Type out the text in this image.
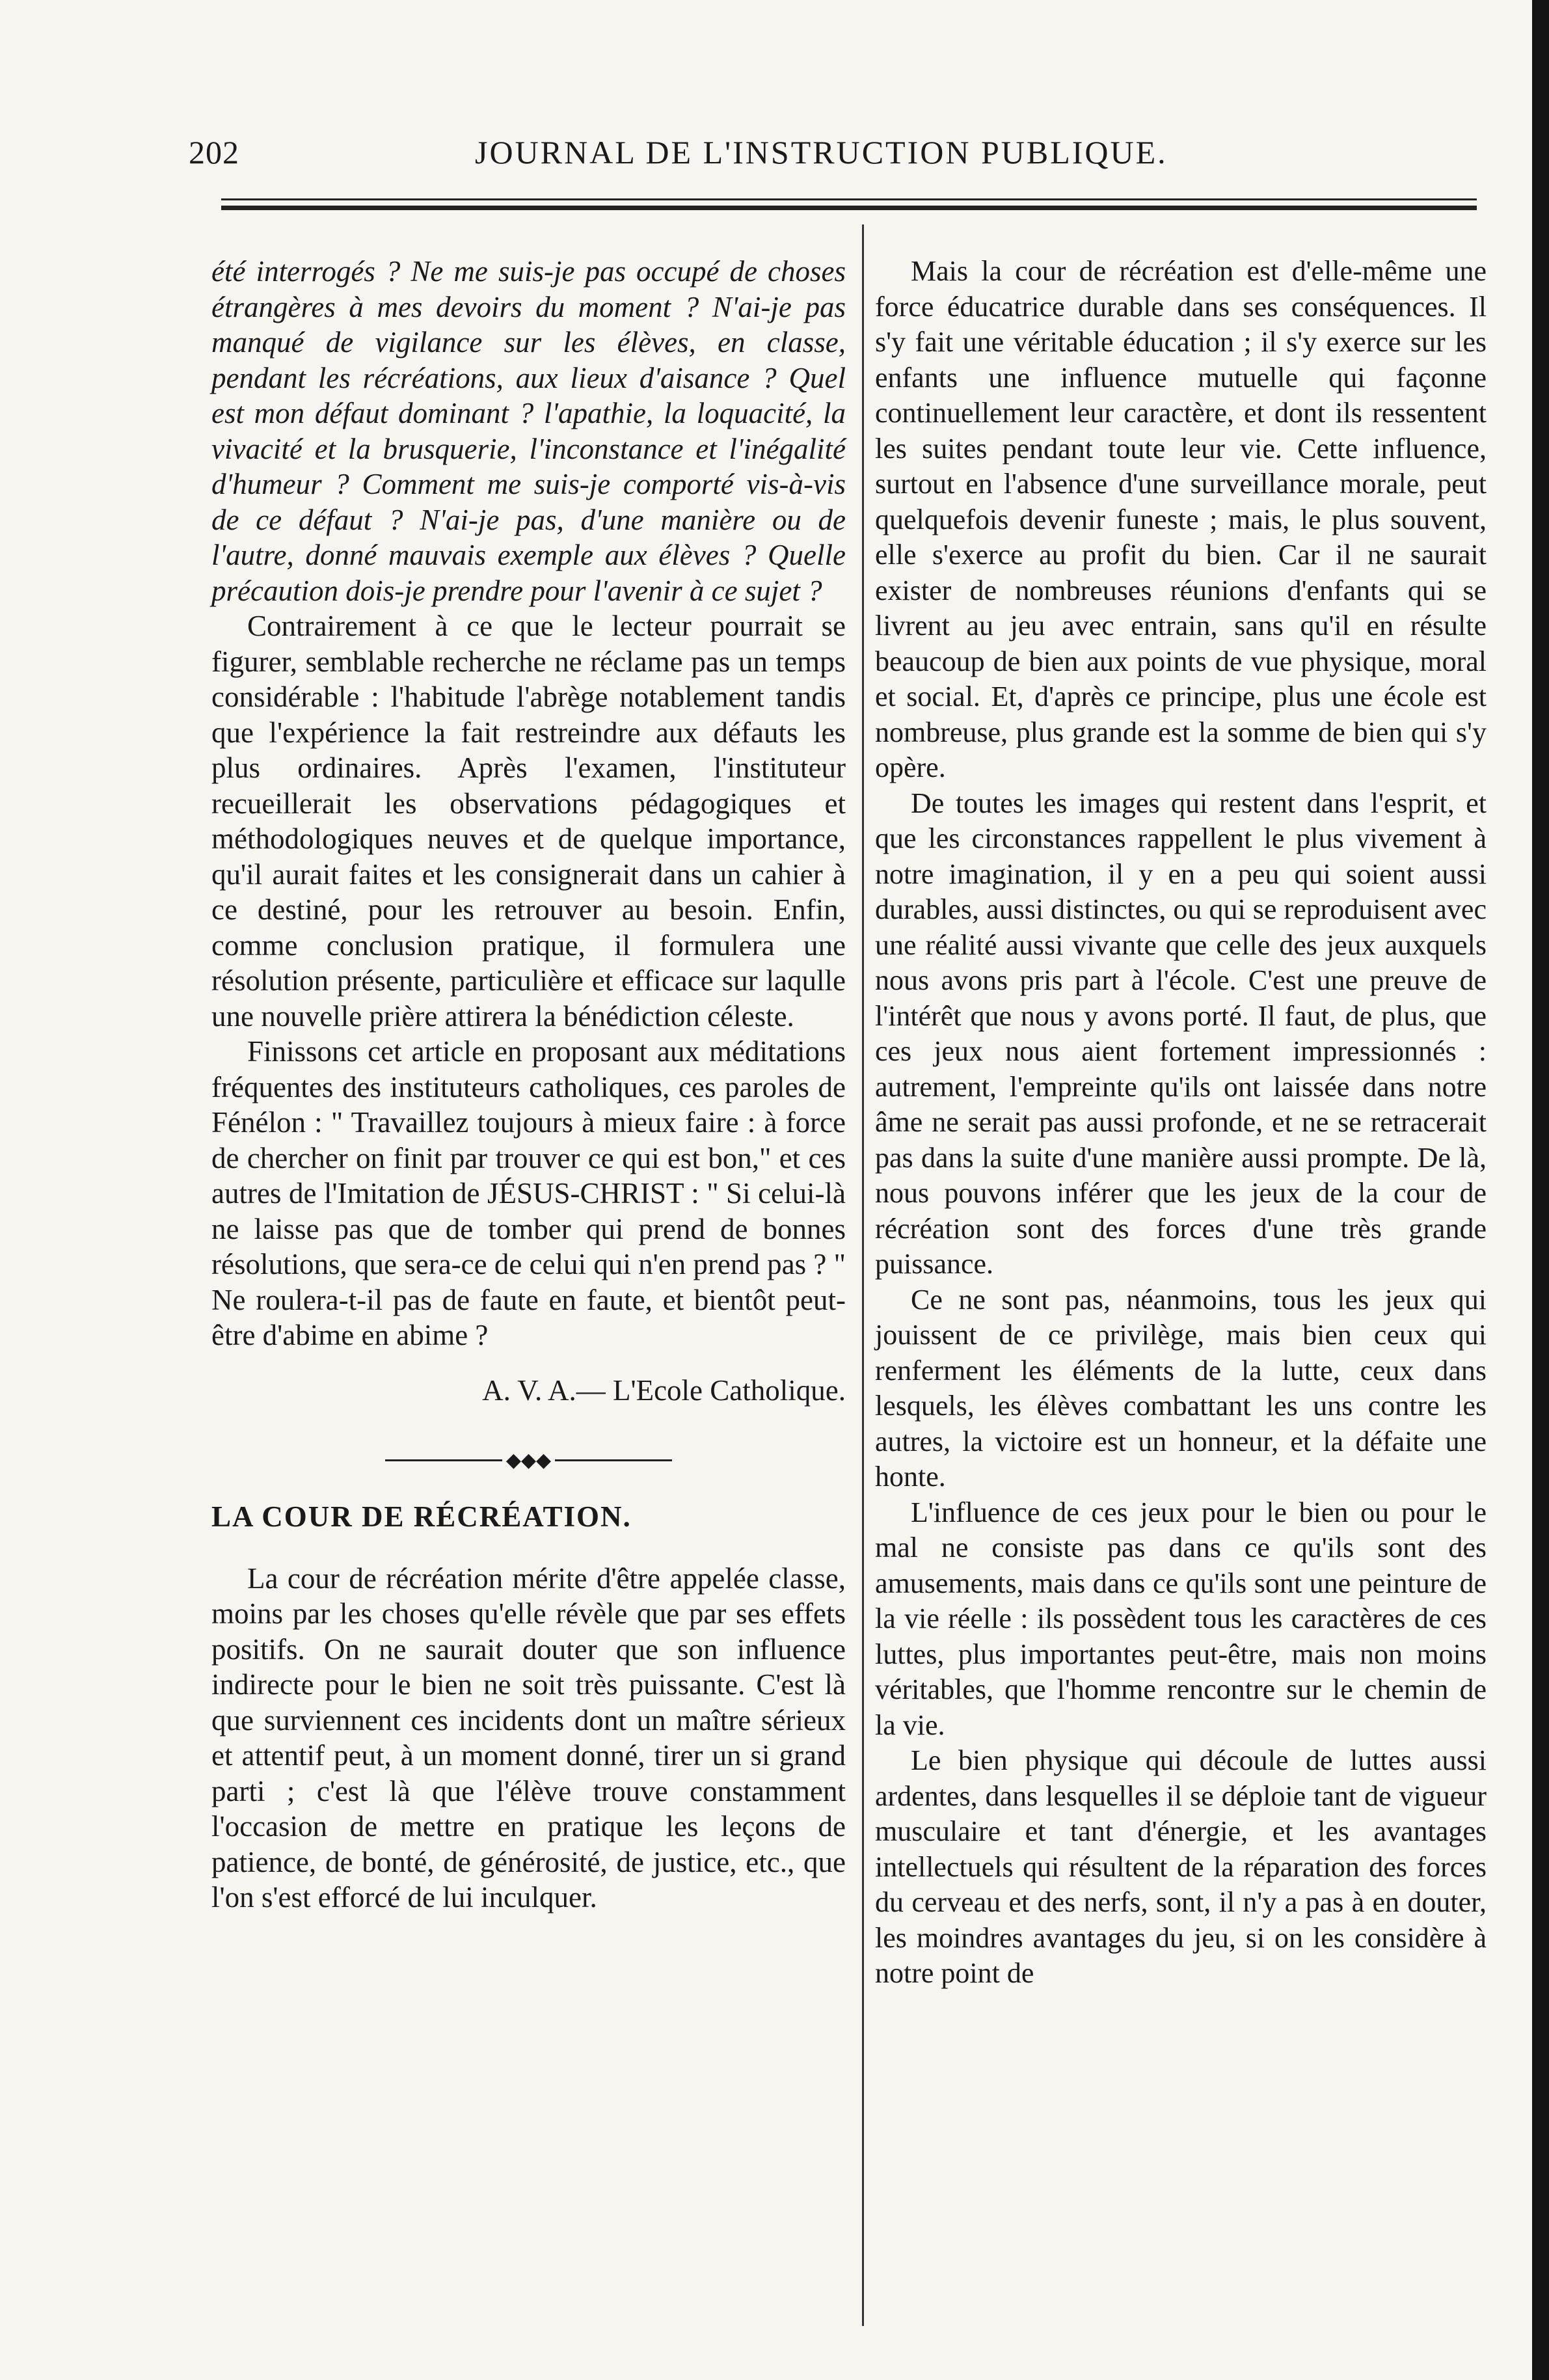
202	JOURNAL DE L'INSTRUCTION PUBLIQUE.

été interrogés ? Ne me suis-je pas occupé de choses étrangères à mes devoirs du moment ? N'ai-je pas manqué de vigilance sur les élèves, en classe, pendant les récréations, aux lieux d'aisance ? Quel est mon défaut dominant ? l'apathie, la loquacité, la vivacité et la brusquerie, l'inconstance et l'inégalité d'humeur ? Comment me suis-je comporté vis-à-vis de ce défaut ? N'ai-je pas, d'une manière ou de l'autre, donné mauvais exemple aux élèves ? Quelle précaution dois-je prendre pour l'avenir à ce sujet ?

Contrairement à ce que le lecteur pourrait se figurer, semblable recherche ne réclame pas un temps considérable : l'habitude l'abrège notablement tandis que l'expérience la fait restreindre aux défauts les plus ordinaires. Après l'examen, l'instituteur recueillerait les observations pédagogiques et méthodologiques neuves et de quelque importance, qu'il aurait faites et les consignerait dans un cahier à ce destiné, pour les retrouver au besoin. Enfin, comme conclusion pratique, il formulera une résolution présente, particulière et efficace sur laqulle une nouvelle prière attirera la bénédiction céleste.

Finissons cet article en proposant aux méditations fréquentes des instituteurs catholiques, ces paroles de Fénélon : " Travaillez toujours à mieux faire : à force de chercher on finit par trouver ce qui est bon," et ces autres de l'Imitation de JÉSUS-CHRIST : " Si celui-là ne laisse pas que de tomber qui prend de bonnes résolutions, que sera-ce de celui qui n'en prend pas ? " Ne roulera-t-il pas de faute en faute, et bientôt peut-être d'abime en abime ?

A. V. A.— L'Ecole Catholique.

◆◆◆

LA COUR DE RÉCRÉATION.

La cour de récréation mérite d'être appelée classe, moins par les choses qu'elle révèle que par ses effets positifs. On ne saurait douter que son influence indirecte pour le bien ne soit très puissante. C'est là que surviennent ces incidents dont un maître sérieux et attentif peut, à un moment donné, tirer un si grand parti ; c'est là que l'élève trouve constamment l'occasion de mettre en pratique les leçons de patience, de bonté, de générosité, de justice, etc., que l'on s'est efforcé de lui inculquer.

Mais la cour de récréation est d'elle-même une force éducatrice durable dans ses conséquences. Il s'y fait une véritable éducation ; il s'y exerce sur les enfants une influence mutuelle qui façonne continuellement leur caractère, et dont ils ressentent les suites pendant toute leur vie. Cette influence, surtout en l'absence d'une surveillance morale, peut quelquefois devenir funeste ; mais, le plus souvent, elle s'exerce au profit du bien. Car il ne saurait exister de nombreuses réunions d'enfants qui se livrent au jeu avec entrain, sans qu'il en résulte beaucoup de bien aux points de vue physique, moral et social. Et, d'après ce principe, plus une école est nombreuse, plus grande est la somme de bien qui s'y opère.

De toutes les images qui restent dans l'esprit, et que les circonstances rappellent le plus vivement à notre imagination, il y en a peu qui soient aussi durables, aussi distinctes, ou qui se reproduisent avec une réalité aussi vivante que celle des jeux auxquels nous avons pris part à l'école. C'est une preuve de l'intérêt que nous y avons porté. Il faut, de plus, que ces jeux nous aient fortement impressionnés : autrement, l'empreinte qu'ils ont laissée dans notre âme ne serait pas aussi profonde, et ne se retracerait pas dans la suite d'une manière aussi prompte. De là, nous pouvons inférer que les jeux de la cour de récréation sont des forces d'une très grande puissance.

Ce ne sont pas, néanmoins, tous les jeux qui jouissent de ce privilège, mais bien ceux qui renferment les éléments de la lutte, ceux dans lesquels, les élèves combattant les uns contre les autres, la victoire est un honneur, et la défaite une honte.

L'influence de ces jeux pour le bien ou pour le mal ne consiste pas dans ce qu'ils sont des amusements, mais dans ce qu'ils sont une peinture de la vie réelle : ils possèdent tous les caractères de ces luttes, plus importantes peut-être, mais non moins véritables, que l'homme rencontre sur le chemin de la vie.

Le bien physique qui découle de luttes aussi ardentes, dans lesquelles il se déploie tant de vigueur musculaire et tant d'énergie, et les avantages intellectuels qui résultent de la réparation des forces du cerveau et des nerfs, sont, il n'y a pas à en douter, les moindres avantages du jeu, si on les considère à notre point de
